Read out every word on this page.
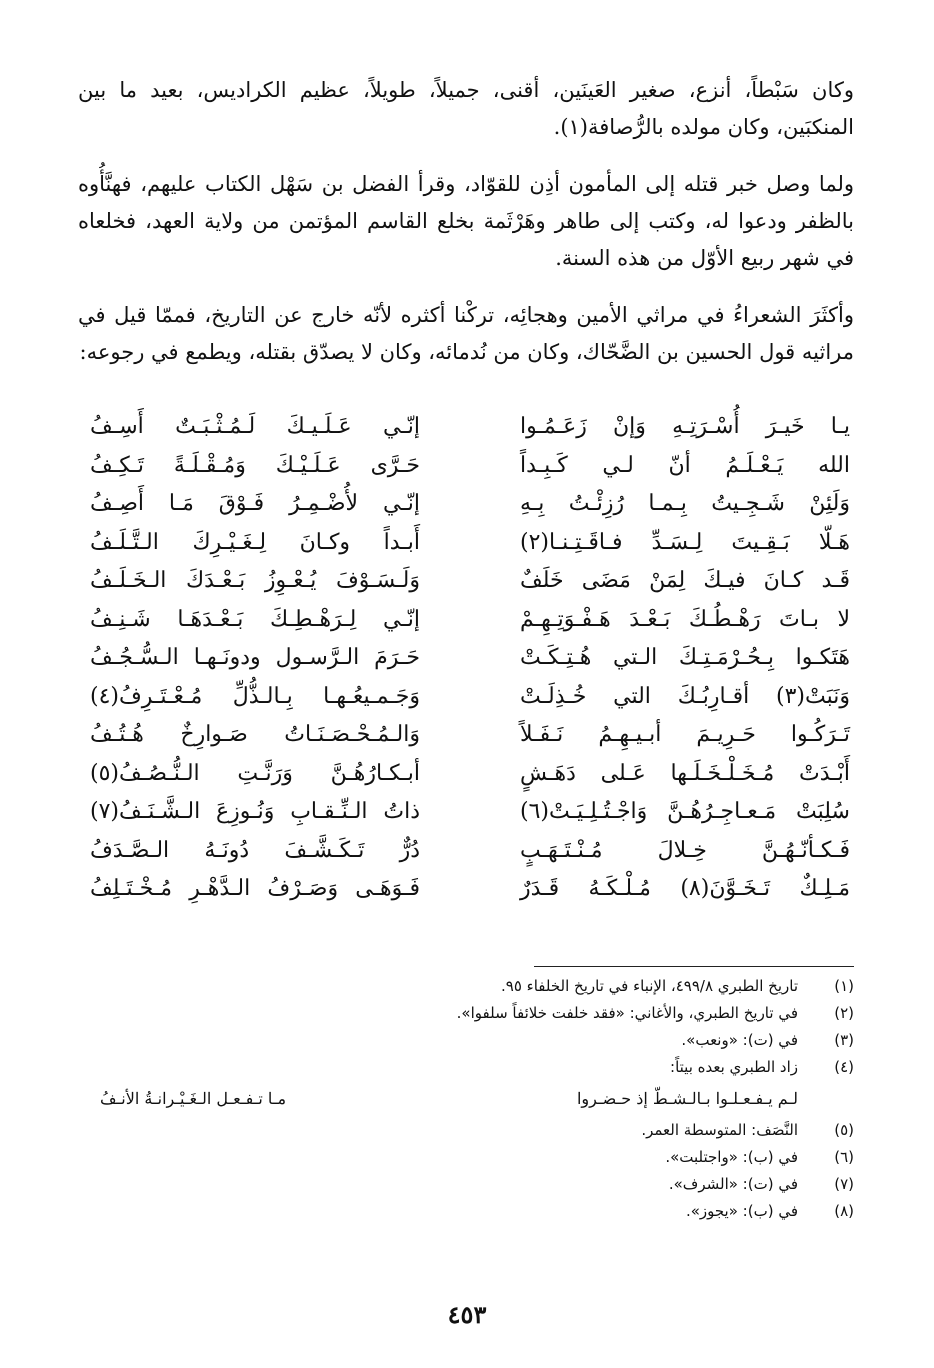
وكان سَبْطاً، أنزع، صغير العَينَين، أقنى، جميلاً، طويلاً، عظيم الكراديس، بعيد ما بين المنكبَين، وكان مولده بالرُّصافة(١).
ولما وصل خبر قتله إلى المأمون أذِن للقوّاد، وقرأ الفضل بن سَهْل الكتاب عليهم، فهنَّأُوه بالظفر ودعوا له، وكتب إلى طاهر وهَرْثَمة بخلع القاسم المؤتمن من ولاية العهد، فخلعاه في شهر ربيع الأوّل من هذه السنة.
وأكثَرَ الشعراءُ في مراثي الأمين وهجائِه، تركْنا أكثره لأنّه خارج عن التاريخ، فممّا قيل في مراثيه قول الحسين بن الضَّحّاك، وكان من نُدمائه، وكان لا يصدّق بقتله، ويطمع في رجوعه:
يـا خَيـرَ أُسْـرَتِـهِ وَإنْ زَعَـمُـوا
إنّـي عَـلَـيـكَ لَـمُـثْـبَـتٌ أَسِـفُ
الله يَـعْـلَـمُ أنّ لـي كَـبِـداً
حَـرَّى عَـلَـيْـكَ وَمُـقْـلَـةً تَـكِـفُ
وَلَئِنْ شَـجِـيتُ بِـمـا رُزِئْـتُ بِـهِ
إنّـي لأُضْـمِـرُ فَـوْقَ مَـا أَصِـفُ
هَـلّا بَـقِـيتَ لِـسَـدِّ فـاقَـتِـنـا(٢)
أَبـداً وكـانَ لِـغَـيْـرِكَ الـتَّـلَـفُ
قَـد كـانَ فيـكَ لِمَنْ مَضَى خَلَفٌ
وَلَـسَـوْفَ يُـعْـوِزُ بَـعْـدَكَ الـخَـلَـفُ
لا بـاتَ رَهْـطُـكَ بَـعْـدَ هَـفْـوَتِـهِـمْ
إنّـي لِـرَهْـطِـكَ بَـعْـدَهَـا شَـنِـفُ
هَتَكـوا بِـحُـرْمَـتِـكَ الـتي هُـتِـكَـتْ
حَـرَمَ الـرَّسـول ودونَـهـا الـسُّـجُـفُ
وَنَبَتْ(٣) أقـارِبُـكَ التي خُـذِلَـتْ
وَجَـمـيعُـهـا بِـالـذُّلِّ مُـعْـتَـرِفُ(٤)
تَـرَكُـوا حَـرِيـمَ أبـيـهِـمُ نَـفَـلاً
وَالـمُـحْـصَـنَـاتُ صَـوارِخٌ هُـتُـفُ
أَبْـدَتْ مُـخَـلْـخَـلَـها عَـلى دَهَـشٍ
أبـكـارُهُـنَّ وَرَنَّـتِ الـنُّـصُـفُ(٥)
سُلِبَتْ مَـعـاجِـرُهُـنَّ وَاجْـتُـلِـيَـتْ(٦)
ذاتُ الـنِّـقـابِ وَنُـوزِعَ الـشَّـنَـفُ(٧)
فَـكـأنّـهُـنَّ خِـلالَ مُـنْـتَـهَـبٍ
دُرٌّ تَـكَـشَّـفَ دُونَـهُ الـصَّـدَفُ
مَـلِـكٌ تَـخَـوَّنَ(٨) مُـلْـكَـهُ قَـدَرٌ
فَـوَهَـى وَصَـرْفُ الـدَّهْـرِ مُـخْـتَـلِفُ
(١)
تاريخ الطبري ٤٩٩/٨، الإنباء في تاريخ الخلفاء ٩٥.
(٢)
في تاريخ الطبري، والأغاني: «فقد خلفت خلائفاً سلفوا».
(٣)
في (ت): «ونعب».
(٤)
زاد الطبري بعده بيتاً:
لـم يـفـعـلـوا بـالـشـطّ إذ حـضـروا
مـا تـفـعـل الـغَـيْـرانـةُ الأنـفُ
(٥)
النَّصَف: المتوسطة العمر.
(٦)
في (ب): «واجتلبت».
(٧)
في (ت): «الشرف».
(٨)
في (ب): «يجوز».
٤٥٣
